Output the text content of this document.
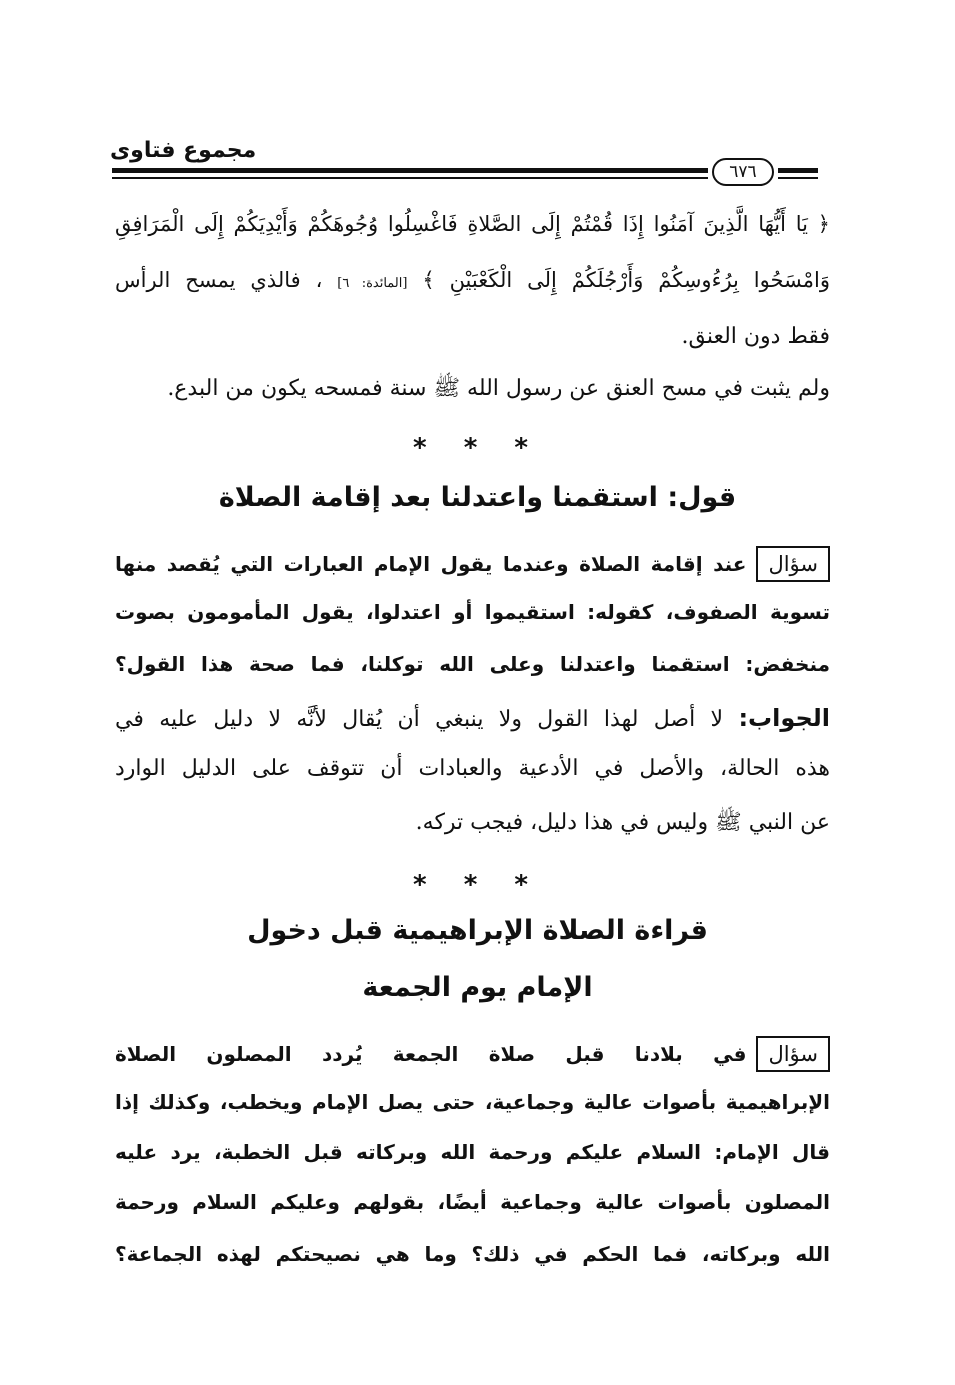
مجموع فتاوى
٦٧٦
﴿ يَا أَيُّهَا الَّذِينَ آمَنُوا إِذَا قُمْتُمْ إِلَى الصَّلاةِ فَاغْسِلُوا وُجُوهَكُمْ وَأَيْدِيَكُمْ إِلَى الْمَرَافِقِ
وَامْسَحُوا بِرُءُوسِكُمْ وَأَرْجُلَكُمْ إِلَى الْكَعْبَيْنِ ﴾ [المائدة: ٦] ، فالذي يمسح الرأس
فقط دون العنق.
ولم يثبت في مسح العنق عن رسول الله ﷺ سنة فمسحه يكون من البدع.
* * *
قول: استقمنا واعتدلنا بعد إقامة الصلاة
سؤالعند إقامة الصلاة وعندما يقول الإمام العبارات التي يُقصد منها
تسوية الصفوف، كقوله: استقيموا أو اعتدلوا، يقول المأمومون بصوت
منخفض: استقمنا واعتدلنا وعلى الله توكلنا، فما صحة هذا القول؟
الجواب: لا أصل لهذا القول ولا ينبغي أن يُقال لأنَّه لا دليل عليه في
هذه الحالة، والأصل في الأدعية والعبادات أن تتوقف على الدليل الوارد
عن النبي ﷺ وليس في هذا دليل، فيجب تركه.
* * *
قراءة الصلاة الإبراهيمية قبل دخول
الإمام يوم الجمعة
سؤالفي بلادنا قبل صلاة الجمعة يُردد المصلون الصلاة
الإبراهيمية بأصوات عالية وجماعية، حتى يصل الإمام ويخطب، وكذلك إذا
قال الإمام: السلام عليكم ورحمة الله وبركاته قبل الخطبة، يرد عليه
المصلون بأصوات عالية وجماعية أيضًا، بقولهم وعليكم السلام ورحمة
الله وبركاته، فما الحكم في ذلك؟ وما هي نصيحتكم لهذه الجماعة؟
